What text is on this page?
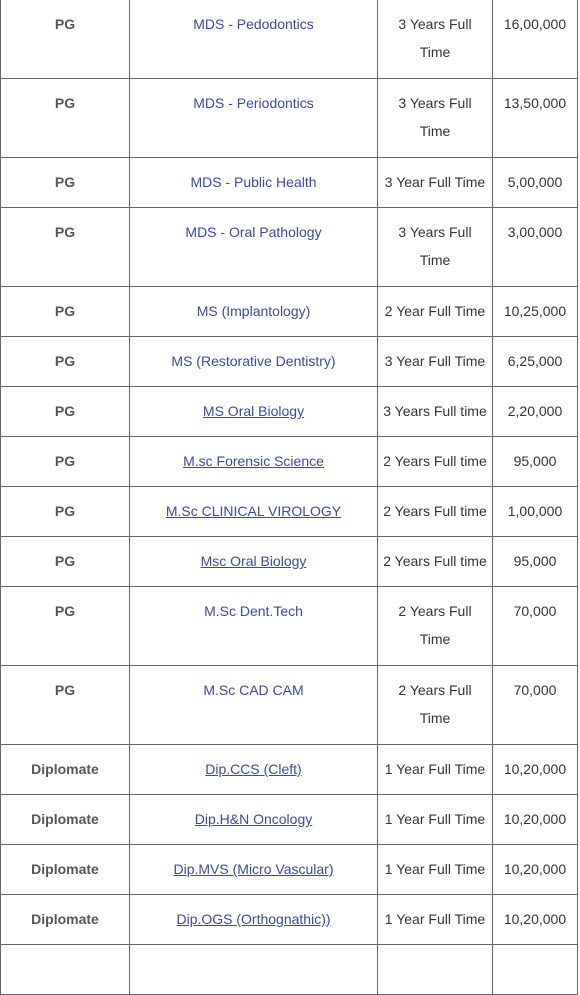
PG	MDS - Pedodontics	3 Years Full Time	16,00,000
PG	MDS - Periodontics	3 Years Full Time	13,50,000
PG	MDS - Public Health	3 Year Full Time	5,00,000
PG	MDS - Oral Pathology	3 Years Full Time	3,00,000
PG	MS (Implantology)	2 Year Full Time	10,25,000
PG	MS (Restorative Dentistry)	3 Year Full Time	6,25,000
PG	MS Oral Biology	3 Years Full time	2,20,000
PG	M.sc Forensic Science	2 Years Full time	95,000
PG	M.Sc CLINICAL VIROLOGY	2 Years Full time	1,00,000
PG	Msc Oral Biology	2 Years Full time	95,000
PG	M.Sc Dent.Tech	2 Years Full Time	70,000
PG	M.Sc CAD CAM	2 Years Full Time	70,000
Diplomate	Dip.CCS (Cleft)	1 Year Full Time	10,20,000
Diplomate	Dip.H&N Oncology	1 Year Full Time	10,20,000
Diplomate	Dip.MVS (Micro Vascular)	1 Year Full Time	10,20,000
Diplomate	Dip.OGS (Orthognathic))	1 Year Full Time	10,20,000
